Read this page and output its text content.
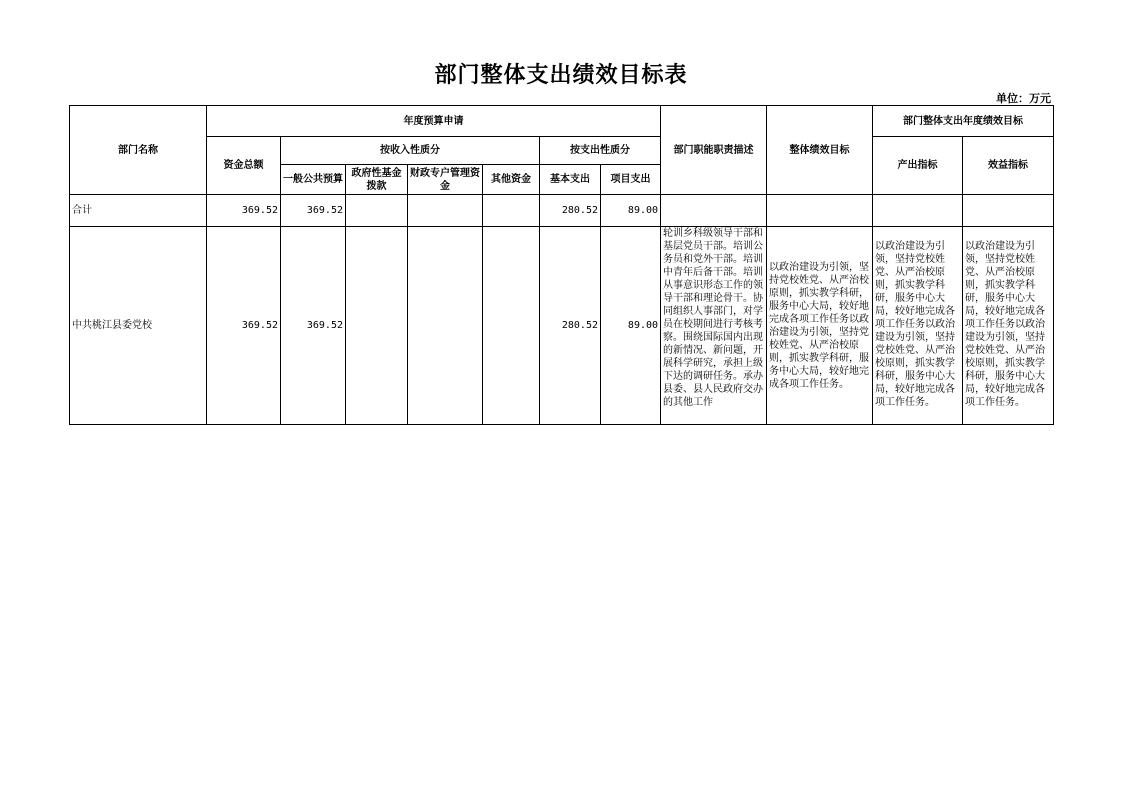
部门整体支出绩效目标表
单位：万元
部门名称	年度预算申请							部门职能职责描述	整体绩效目标	部门整体支出年度绩效目标	
	资金总额	按收入性质分				按支出性质分				产出指标	效益指标
		一般公共预算	政府性基金拨款	财政专户管理资金	其他资金	基本支出	项目支出				
合计	369.52	369.52				280.52	89.00				
中共桃江县委党校	369.52	369.52				280.52	89.00	轮训乡科级领导干部和基层党员干部。培训公务员和党外干部。培训中青年后备干部。培训从事意识形态工作的领导干部和理论骨干。协同组织人事部门，对学员在校期间进行考核考察。围绕国际国内出现的新情况、新问题，开展科学研究，承担上级下达的调研任务。承办县委、县人民政府交办的其他工作	以政治建设为引领，坚持党校姓党、从严治校原则，抓实教学科研，服务中心大局，较好地完成各项工作任务以政治建设为引领，坚持党校姓党、从严治校原则，抓实教学科研，服务中心大局，较好地完成各项工作任务。	以政治建设为引领，坚持党校姓党、从严治校原则，抓实教学科研，服务中心大局，较好地完成各项工作任务以政治建设为引领，坚持党校姓党、从严治校原则，抓实教学科研，服务中心大局，较好地完成各项工作任务。	以政治建设为引领，坚持党校姓党、从严治校原则，抓实教学科研，服务中心大局，较好地完成各项工作任务以政治建设为引领，坚持党校姓党、从严治校原则，抓实教学科研，服务中心大局，较好地完成各项工作任务。
